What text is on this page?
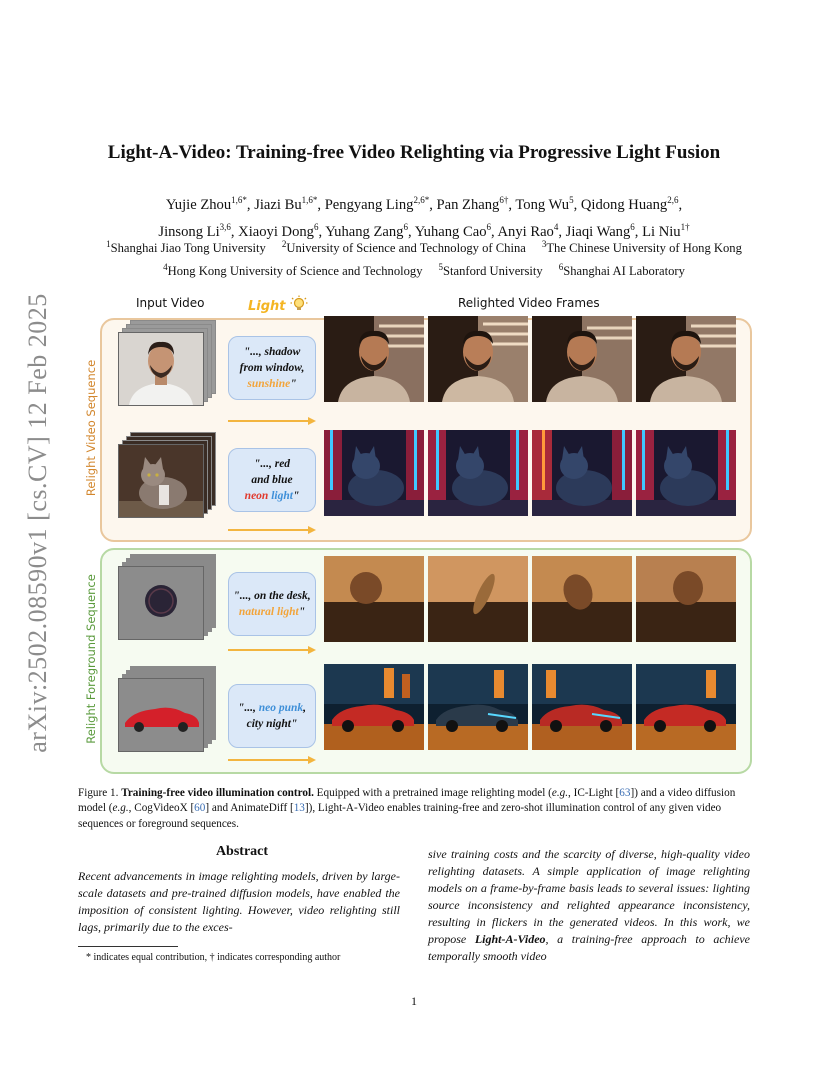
arXiv:2502.08590v1 [cs.CV] 12 Feb 2025
Light-A-Video: Training-free Video Relighting via Progressive Light Fusion
Yujie Zhou$^{1,6*}$, Jiazi $Bu^{1,6*}$, Pengyang Ling$^{2,6*}$, Pan Zhang$^{6\dagger}$, Tong Wu$^5$, Qidong Huang$^{2,6}$,
Jinsong Li$^{3,6}$, Xiaoyi Dong$^6$, Yuhang Zang$^6$, Yuhang Cao$^6$, Anyi Rao$^4$, Jiaqi Wang$^6$, Li Niu$^{1\dagger}$
$^1$Shanghai Jiao Tong University $^2$University of Science and Technology of China $^3$The Chinese University of Hong Kong
$^4$Hong Kong University of Science and Technology $^5$Stanford University $^6$Shanghai AI Laboratory
Input Video	Light	Relighted Video Frames
Relight Video Sequence
Relight Foreground Sequence
"..., shadow
from window,
sunshine"
"..., red
and blue
neon light"
"..., on the desk,
natural light"
"..., neo punk,
city night"
Figure 1. Training-free video illumination control. Equipped with a pretrained image relighting model (e.g., IC-Light [63]) and a video diffusion model (e.g., CogVideoX [60] and AnimateDiff [13]), Light-A-Video enables training-free and zero-shot illumination control of any given video sequences or foreground sequences.
Abstract
Recent advancements in image relighting models, driven by large-scale datasets and pre-trained diffusion models, have enabled the imposition of consistent lighting. However, video relighting still lags, primarily due to the exces-
sive training costs and the scarcity of diverse, high-quality video relighting datasets. A simple application of image relighting models on a frame-by-frame basis leads to several issues: lighting source inconsistency and relighted appearance inconsistency, resulting in flickers in the generated videos. In this work, we propose Light-A-Video, a training-free approach to achieve temporally smooth video
* indicates equal contribution, † indicates corresponding author
1
